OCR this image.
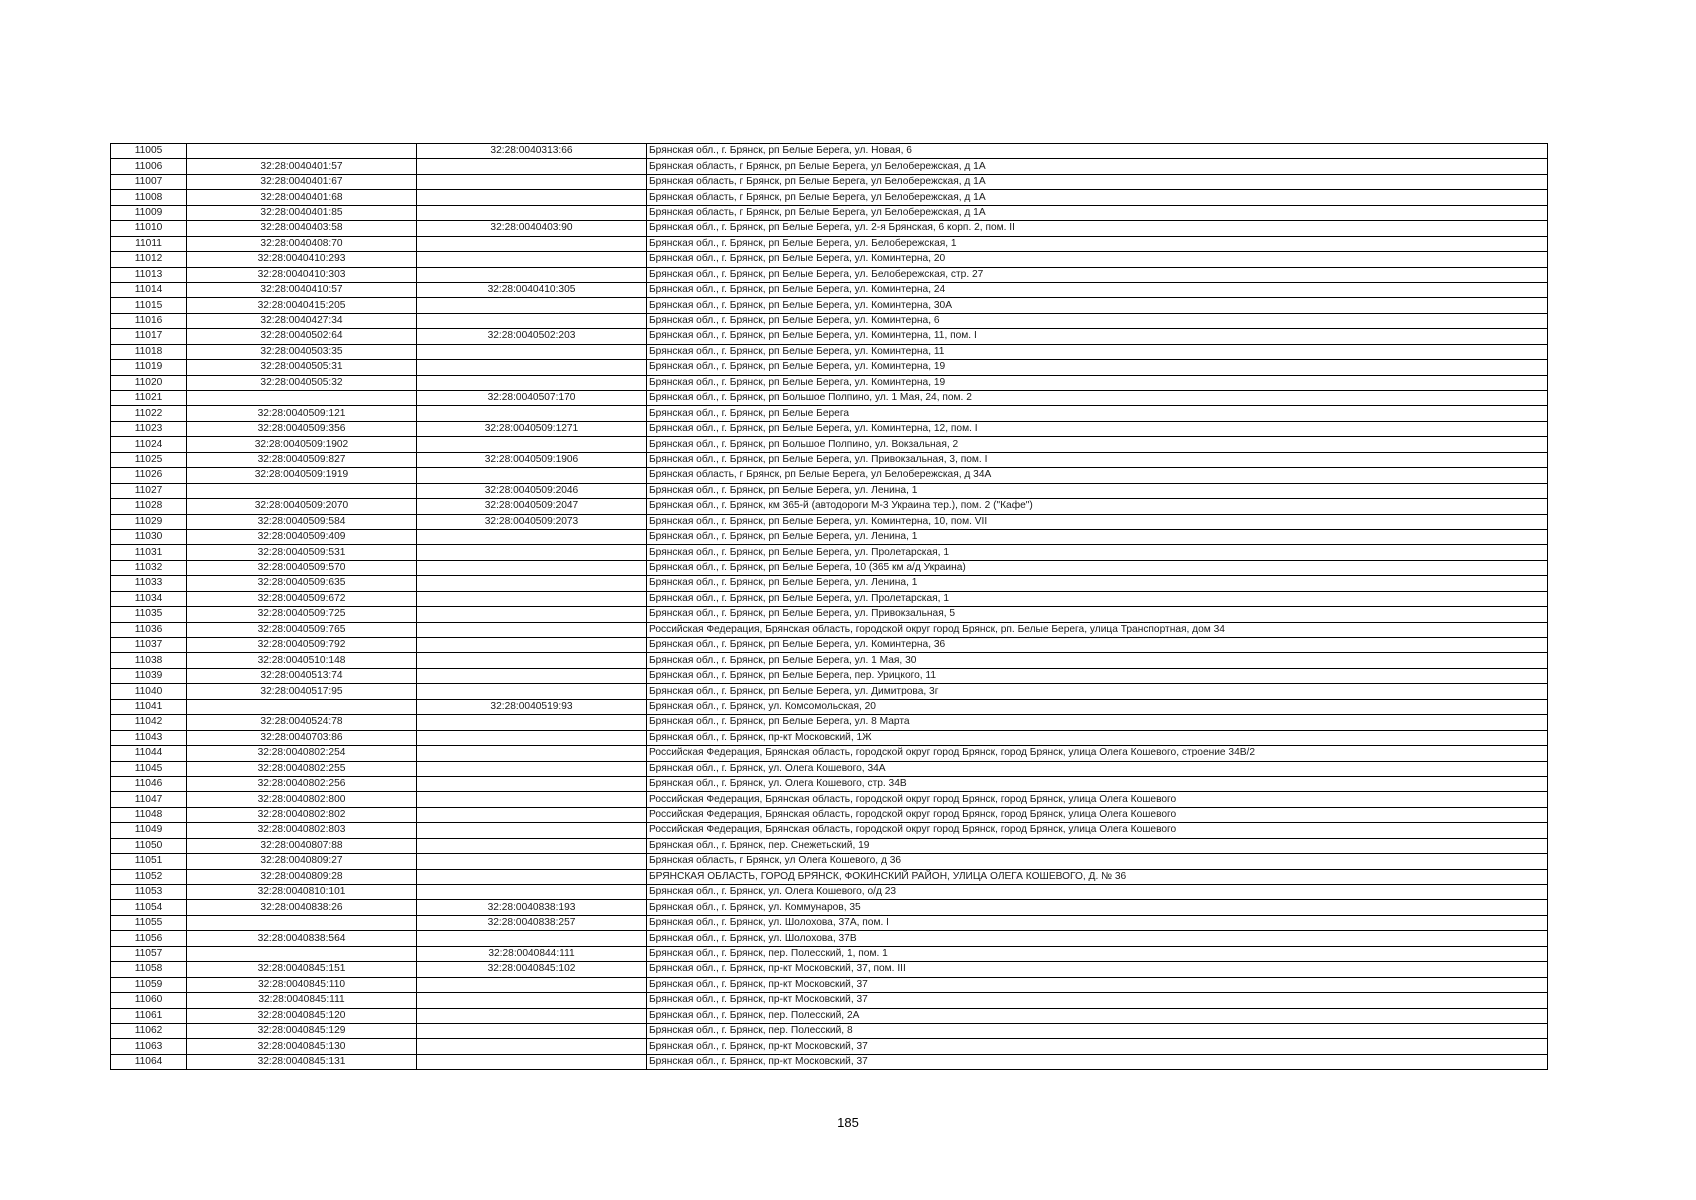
11005		32:28:0040313:66	Брянская обл., г. Брянск, рп Белые Берега, ул. Новая, 6
11006	32:28:0040401:57		Брянская область, г Брянск, рп Белые Берега, ул Белобережская, д 1А
11007	32:28:0040401:67		Брянская область, г Брянск, рп Белые Берега, ул Белобережская, д 1А
11008	32:28:0040401:68		Брянская область, г Брянск, рп Белые Берега, ул Белобережская, д 1А
11009	32:28:0040401:85		Брянская область, г Брянск, рп Белые Берега, ул Белобережская, д 1А
11010	32:28:0040403:58	32:28:0040403:90	Брянская обл., г. Брянск, рп Белые Берега, ул. 2-я Брянская, 6 корп. 2, пом. II
11011	32:28:0040408:70		Брянская обл., г. Брянск, рп Белые Берега, ул. Белобережская, 1
11012	32:28:0040410:293		Брянская обл., г. Брянск, рп Белые Берега, ул. Коминтерна, 20
11013	32:28:0040410:303		Брянская обл., г. Брянск, рп Белые Берега, ул. Белобережская, стр. 27
11014	32:28:0040410:57	32:28:0040410:305	Брянская обл., г. Брянск, рп Белые Берега, ул. Коминтерна, 24
11015	32:28:0040415:205		Брянская обл., г. Брянск, рп Белые Берега, ул. Коминтерна, 30А
11016	32:28:0040427:34		Брянская обл., г. Брянск, рп Белые Берега, ул. Коминтерна, 6
11017	32:28:0040502:64	32:28:0040502:203	Брянская обл., г. Брянск, рп Белые Берега, ул. Коминтерна, 11, пом. I
11018	32:28:0040503:35		Брянская обл., г. Брянск, рп Белые Берега, ул. Коминтерна, 11
11019	32:28:0040505:31		Брянская обл., г. Брянск, рп Белые Берега, ул. Коминтерна, 19
11020	32:28:0040505:32		Брянская обл., г. Брянск, рп Белые Берега, ул. Коминтерна, 19
11021		32:28:0040507:170	Брянская обл., г. Брянск, рп Большое Полпино, ул. 1 Мая, 24, пом. 2
11022	32:28:0040509:121		Брянская обл., г. Брянск, рп Белые Берега
11023	32:28:0040509:356	32:28:0040509:1271	Брянская обл., г. Брянск, рп Белые Берега, ул. Коминтерна, 12, пом. I
11024	32:28:0040509:1902		Брянская обл., г. Брянск, рп Большое Полпино, ул. Вокзальная, 2
11025	32:28:0040509:827	32:28:0040509:1906	Брянская обл., г. Брянск, рп Белые Берега, ул. Привокзальная, 3, пом. I
11026	32:28:0040509:1919		Брянская область, г Брянск, рп Белые Берега, ул Белобережская, д 34А
11027		32:28:0040509:2046	Брянская обл., г. Брянск, рп Белые Берега, ул. Ленина, 1
11028	32:28:0040509:2070	32:28:0040509:2047	Брянская обл., г. Брянск, км 365-й (автодороги М-3 Украина тер.), пом. 2 ("Кафе")
11029	32:28:0040509:584	32:28:0040509:2073	Брянская обл., г. Брянск, рп Белые Берега, ул. Коминтерна, 10, пом. VII
11030	32:28:0040509:409		Брянская обл., г. Брянск, рп Белые Берега, ул. Ленина, 1
11031	32:28:0040509:531		Брянская обл., г. Брянск, рп Белые Берега, ул. Пролетарская, 1
11032	32:28:0040509:570		Брянская обл., г. Брянск, рп Белые Берега, 10 (365 км а/д Украина)
11033	32:28:0040509:635		Брянская обл., г. Брянск, рп Белые Берега, ул. Ленина, 1
11034	32:28:0040509:672		Брянская обл., г. Брянск, рп Белые Берега, ул. Пролетарская, 1
11035	32:28:0040509:725		Брянская обл., г. Брянск, рп Белые Берега, ул. Привокзальная, 5
11036	32:28:0040509:765		Российская Федерация, Брянская область, городской округ город Брянск, рп. Белые Берега, улица Транспортная, дом 34
11037	32:28:0040509:792		Брянская обл., г. Брянск, рп Белые Берега, ул. Коминтерна, 36
11038	32:28:0040510:148		Брянская обл., г. Брянск, рп Белые Берега, ул. 1 Мая, 30
11039	32:28:0040513:74		Брянская обл., г. Брянск, рп Белые Берега, пер. Урицкого, 11
11040	32:28:0040517:95		Брянская обл., г. Брянск, рп Белые Берега, ул. Димитрова, 3г
11041		32:28:0040519:93	Брянская обл., г. Брянск, ул. Комсомольская, 20
11042	32:28:0040524:78		Брянская обл., г. Брянск, рп Белые Берега, ул. 8 Марта
11043	32:28:0040703:86		Брянская обл., г. Брянск, пр-кт Московский, 1Ж
11044	32:28:0040802:254		Российская Федерация, Брянская область, городской округ город Брянск, город Брянск, улица Олега Кошевого, строение 34В/2
11045	32:28:0040802:255		Брянская обл., г. Брянск, ул. Олега Кошевого, 34А
11046	32:28:0040802:256		Брянская обл., г. Брянск, ул. Олега Кошевого, стр. 34В
11047	32:28:0040802:800		Российская Федерация, Брянская область, городской округ город Брянск, город Брянск, улица Олега Кошевого
11048	32:28:0040802:802		Российская Федерация, Брянская область, городской округ город Брянск, город Брянск, улица Олега Кошевого
11049	32:28:0040802:803		Российская Федерация, Брянская область, городской округ город Брянск, город Брянск, улица Олега Кошевого
11050	32:28:0040807:88		Брянская обл., г. Брянск, пер. Снежетьский, 19
11051	32:28:0040809:27		Брянская область, г Брянск, ул Олега Кошевого, д 36
11052	32:28:0040809:28		БРЯНСКАЯ ОБЛАСТЬ, ГОРОД БРЯНСК, ФОКИНСКИЙ РАЙОН, УЛИЦА ОЛЕГА КОШЕВОГО, Д. № 36
11053	32:28:0040810:101		Брянская обл., г. Брянск, ул. Олега Кошевого, о/д 23
11054	32:28:0040838:26	32:28:0040838:193	Брянская обл., г. Брянск, ул. Коммунаров, 35
11055		32:28:0040838:257	Брянская обл., г. Брянск, ул. Шолохова, 37А, пом. I
11056	32:28:0040838:564		Брянская обл., г. Брянск, ул. Шолохова, 37В
11057		32:28:0040844:111	Брянская обл., г. Брянск, пер. Полесский, 1, пом. 1
11058	32:28:0040845:151	32:28:0040845:102	Брянская обл., г. Брянск, пр-кт Московский, 37, пом. III
11059	32:28:0040845:110		Брянская обл., г. Брянск, пр-кт Московский, 37
11060	32:28:0040845:111		Брянская обл., г. Брянск, пр-кт Московский, 37
11061	32:28:0040845:120		Брянская обл., г. Брянск, пер. Полесский, 2А
11062	32:28:0040845:129		Брянская обл., г. Брянск, пер. Полесский, 8
11063	32:28:0040845:130		Брянская обл., г. Брянск, пр-кт Московский, 37
11064	32:28:0040845:131		Брянская обл., г. Брянск, пр-кт Московский, 37
185
